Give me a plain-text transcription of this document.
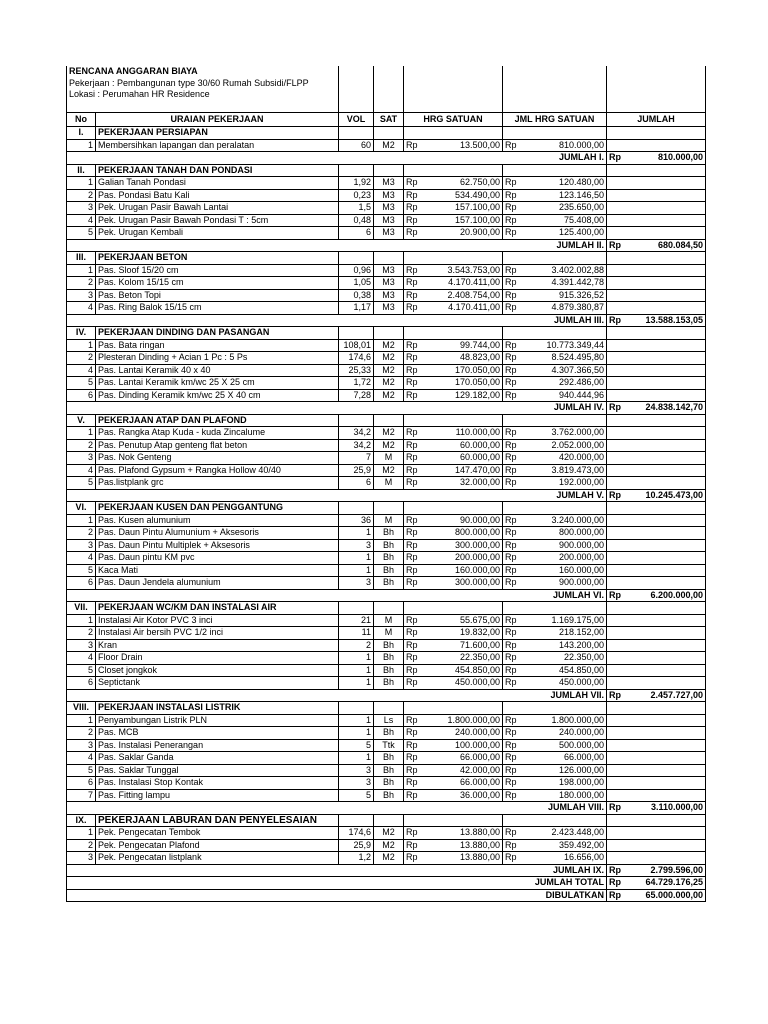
RENCANA ANGGARAN BIAYA						
Pekerjaan : Pembangunan type 30/60 Rumah Subsidi/FLPP						
Lokasi : Perumahan HR Residence						

No	URAIAN PEKERJAAN	VOL	SAT	HRG SATUAN	JML HRG SATUAN	JUMLAH
I.	PEKERJAAN PERSIAPAN					
1	Membersihkan lapangan dan peralatan	60	M2	Rp 13.500,00	Rp 810.000,00	

JUMLAH I.						Rp 810.000,00

II.	PEKERJAAN TANAH DAN PONDASI					
1	Galian Tanah Pondasi	1,92	M3	Rp 62.750,00	Rp 120.480,00	

2	Pas. Pondasi Batu Kali	0,23	M3	Rp 534.490,00	Rp 123.146,50	

3	Pek. Urugan Pasir Bawah Lantai	1,5	M3	Rp 157.100,00	Rp 235.650,00	

4	Pek. Urugan Pasir Bawah Pondasi T : 5cm	0,48	M3	Rp 157.100,00	Rp 75.408,00	

5	Pek. Urugan Kembali	6	M3	Rp 20.900,00	Rp 125.400,00	

JUMLAH II.						Rp 680.084,50

III.	PEKERJAAN BETON					
1	Pas. Sloof 15/20 cm	0,96	M3	Rp 3.543.753,00	Rp 3.402.002,88	

2	Pas. Kolom 15/15 cm	1,05	M3	Rp 4.170.411,00	Rp 4.391.442,78	

3	Pas. Beton Topi	0,38	M3	Rp 2.408.754,00	Rp 915.326,52	

4	Pas. Ring Balok 15/15 cm	1,17	M3	Rp 4.170.411,00	Rp 4.879.380,87	

JUMLAH III.						Rp 13.588.153,05

IV.	PEKERJAAN DINDING DAN PASANGAN					
1	Pas. Bata ringan	108,01	M2	Rp 99.744,00	Rp 10.773.349,44	

2	Plesteran Dinding + Acian 1 Pc : 5 Ps	174,6	M2	Rp 48.823,00	Rp 8.524.495,80	

4	Pas. Lantai Keramik 40 x 40	25,33	M2	Rp 170.050,00	Rp 4.307.366,50	

5	Pas. Lantai Keramik km/wc 25 X 25 cm	1,72	M2	Rp 170.050,00	Rp 292.486,00	

6	Pas. Dinding Keramik km/wc 25 X 40 cm	7,28	M2	Rp 129.182,00	Rp 940.444,96	

JUMLAH IV.						Rp 24.838.142,70

V.	PEKERJAAN ATAP DAN PLAFOND					
1	Pas. Rangka Atap Kuda - kuda Zincalume	34,2	M2	Rp 110.000,00	Rp 3.762.000,00	

2	Pas. Penutup Atap genteng flat beton	34,2	M2	Rp 60.000,00	Rp 2.052.000,00	

3	Pas. Nok Genteng	7	M	Rp 60.000,00	Rp 420.000,00	

4	Pas. Plafond Gypsum + Rangka Hollow 40/40	25,9	M2	Rp 147.470,00	Rp 3.819.473,00	

5	Pas.listplank grc	6	M	Rp 32.000,00	Rp 192.000,00	

JUMLAH V.						Rp 10.245.473,00

VI.	PEKERJAAN KUSEN DAN PENGGANTUNG					
1	Pas. Kusen alumunium	36	M	Rp 90.000,00	Rp 3.240.000,00	

2	Pas. Daun Pintu Alumunium + Aksesoris	1	Bh	Rp 800.000,00	Rp 800.000,00	

3	Pas. Daun Pintu Multiplek + Aksesoris	3	Bh	Rp 300.000,00	Rp 900.000,00	

4	Pas. Daun pintu KM pvc	1	Bh	Rp 200.000,00	Rp 200.000,00	

5	Kaca Mati	1	Bh	Rp 160.000,00	Rp 160.000,00	

6	Pas. Daun Jendela alumunium	3	Bh	Rp 300.000,00	Rp 900.000,00	

JUMLAH VI.						Rp 6.200.000,00

VII.	PEKERJAAN WC/KM DAN INSTALASI AIR					
1	Instalasi Air Kotor PVC 3 inci	21	M	Rp 55.675,00	Rp 1.169.175,00	

2	Instalasi Air bersih PVC 1/2 inci	11	M	Rp 19.832,00	Rp 218.152,00	

3	Kran	2	Bh	Rp 71.600,00	Rp 143.200,00	

4	Floor Drain	1	Bh	Rp 22.350,00	Rp 22.350,00	

5	Closet jongkok	1	Bh	Rp 454.850,00	Rp 454.850,00	

6	Septictank	1	Bh	Rp 450.000,00	Rp 450.000,00	

JUMLAH VII.						Rp 2.457.727,00

VIII.	PEKERJAAN INSTALASI LISTRIK					
1	Penyambungan Listrik PLN	1	Ls	Rp 1.800.000,00	Rp 1.800.000,00	

2	Pas. MCB	1	Bh	Rp 240.000,00	Rp 240.000,00	

3	Pas. Instalasi Penerangan	5	Ttk	Rp 100.000,00	Rp 500.000,00	

4	Pas. Saklar Ganda	1	Bh	Rp 66.000,00	Rp 66.000,00	

5	Pas. Saklar Tunggal	3	Bh	Rp 42.000,00	Rp 126.000,00	

6	Pas. Instalasi Stop Kontak	3	Bh	Rp 66.000,00	Rp 198.000,00	

7	Pas. Fitting lampu	5	Bh	Rp 36.000,00	Rp 180.000,00	

JUMLAH VIII.						Rp 3.110.000,00

IX.	PEKERJAAN LABURAN DAN PENYELESAIAN					
1	Pek. Pengecatan Tembok	174,6	M2	Rp 13.880,00	Rp 2.423.448,00	

2	Pek. Pengecatan Plafond	25,9	M2	Rp 13.880,00	Rp 359.492,00	

3	Pek. Pengecatan listplank	1,2	M2	Rp 13.880,00	Rp 16.656,00	

JUMLAH IX.						Rp 2.799.596,00

JUMLAH TOTAL						Rp 64.729.176,25

DIBULATKAN						Rp 65.000.000,00
